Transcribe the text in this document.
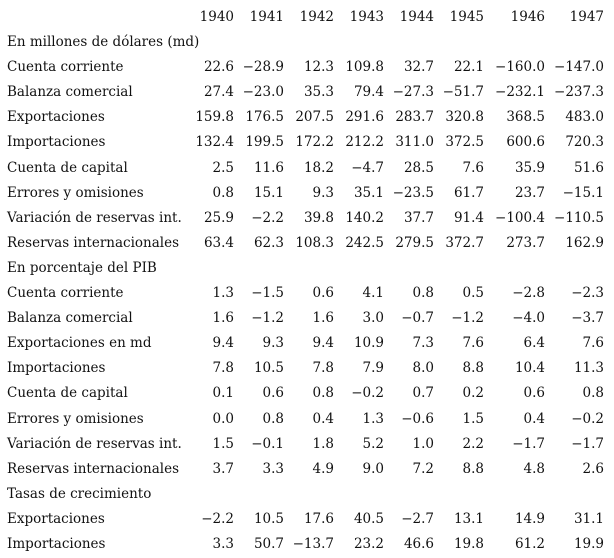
1940 1941 1942 1943 1944 1945 1946 1947
En millones de dólares (md)
Cuenta corriente	22.6 −28.9 12.3 109.8 32.7 22.1 −160.0 −147.0
Balanza comercial	27.4 −23.0 35.3 79.4 −27.3 −51.7 −232.1 −237.3
Exportaciones	159.8 176.5 207.5 291.6 283.7 320.8 368.5 483.0
Importaciones	132.4 199.5 172.2 212.2 311.0 372.5 600.6 720.3
Cuenta de capital	2.5 11.6 18.2 −4.7 28.5 7.6 35.9 51.6
Errores y omisiones	0.8 15.1 9.3 35.1 −23.5 61.7 23.7 −15.1
Variación de reservas int. 25.9 −2.2 39.8 140.2 37.7 91.4 −100.4 −110.5
Reservas internacionales 63.4 62.3 108.3 242.5 279.5 372.7 273.7 162.9
En porcentaje del PIB
Cuenta corriente	1.3 −1.5 0.6 4.1 0.8 0.5 −2.8 −2.3
Balanza comercial	1.6 −1.2 1.6 3.0 −0.7 −1.2 −4.0 −3.7
Exportaciones en md	9.4 9.3 9.4 10.9 7.3 7.6	6.4	7.6
Importaciones	7.8 10.5 7.8 7.9 8.0 8.8 10.4 11.3
Cuenta de capital	0.1 0.6 0.8 −0.2 0.7 0.2	0.6	0.8
Errores y omisiones	0.0 0.8 0.4 1.3 −0.6 1.5	0.4 −0.2
Variación de reservas int. 1.5 −0.1 1.8 5.2 1.0 2.2 −1.7 −1.7
Reservas internacionales 3.7 3.3 4.9 9.0 7.2 8.8	4.8	2.6
Tasas de crecimiento
Exportaciones	−2.2 10.5 17.6 40.5 −2.7 13.1 14.9 31.1
Importaciones	3.3 50.7 −13.7 23.2 46.6 19.8 61.2 19.9
